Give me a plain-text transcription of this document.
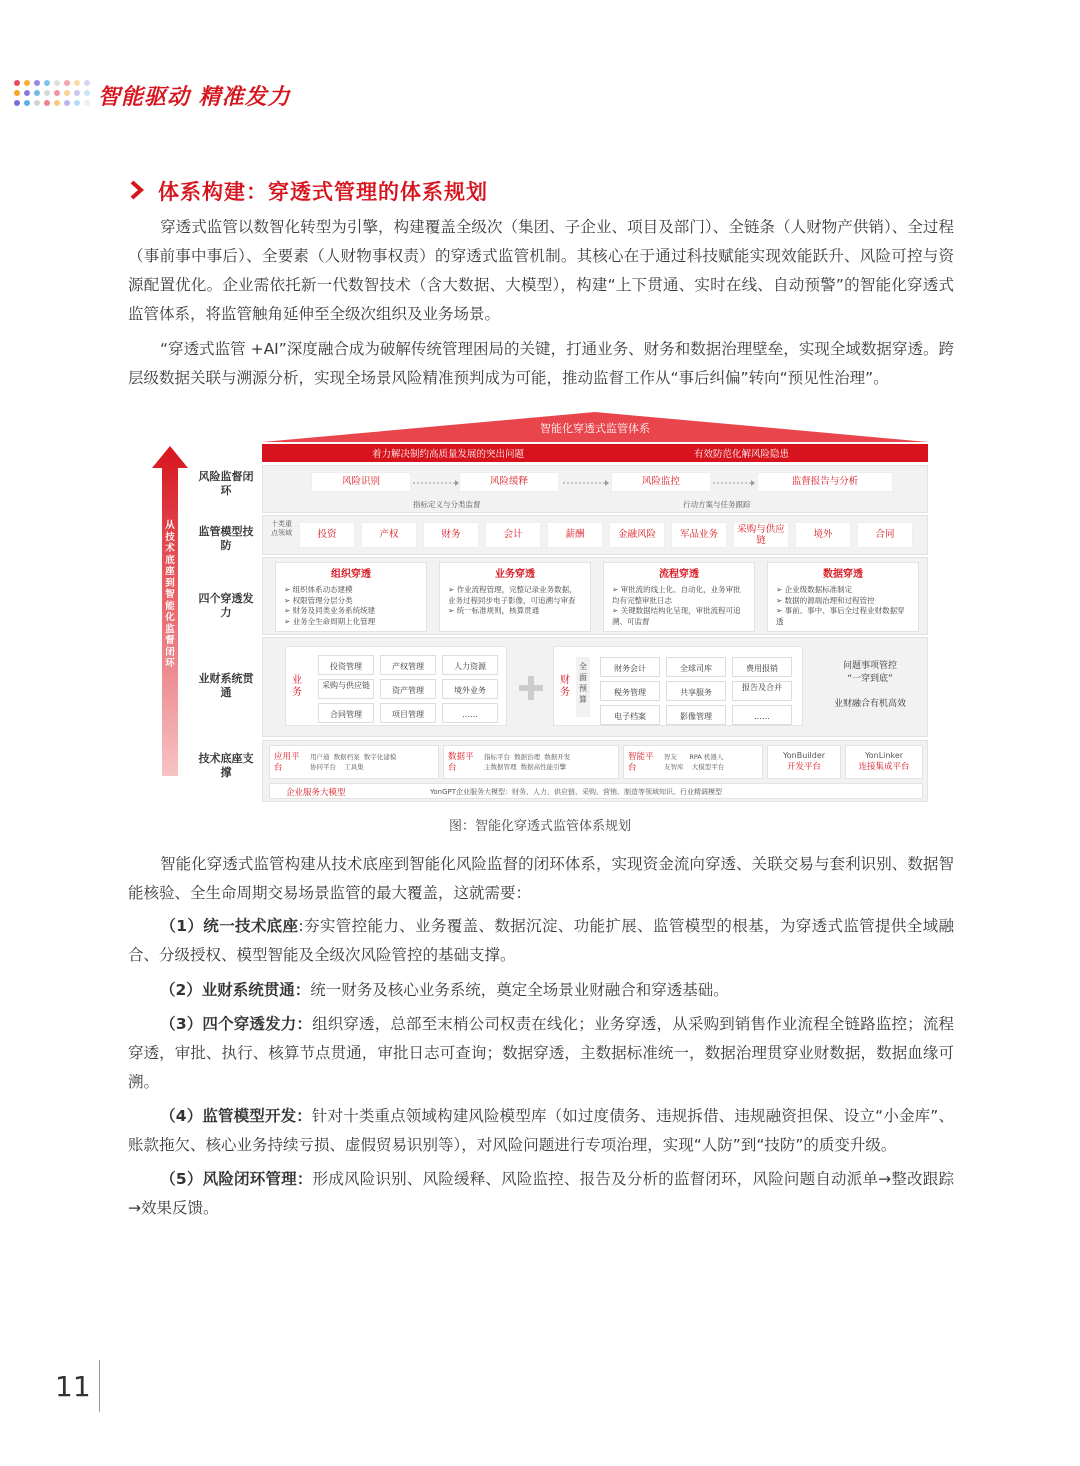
智能驱动 精准发力
体系构建：穿透式管理的体系规划
穿透式监管以数智化转型为引擎，构建覆盖全级次（集团、子企业、项目及部门）、全链条（人财物产供销）、全过程（事前事中事后）、全要素（人财物事权责）的穿透式监管机制。其核心在于通过科技赋能实现效能跃升、风险可控与资源配置优化。企业需依托新一代数智技术（含大数据、大模型），构建“上下贯通、实时在线、自动预警”的智能化穿透式监管体系，将监管触角延伸至全级次组织及业务场景。
“穿透式监管 +AI”深度融合成为破解传统管理困局的关键，打通业务、财务和数据治理壁垒，实现全域数据穿透。跨层级数据关联与溯源分析，实现全场景风险精准预判成为可能，推动监督工作从“事后纠偏”转向“预见性治理”。
智能化穿透式监管体系
着力解决制约高质量发展的突出问题	有效防范化解风险隐患
从技术底座到智能化监督闭环
风险监督闭环
监管模型技防
四个穿透发力
业财系统贯通
技术底座支撑
风险识别	风险缓释	风险监控	监督报告与分析
指标定义与分类监督	行动方案与任务跟踪
十类重点领域	投资	产权	财务	会计	薪酬	金融风险	军品业务	采购与供应链
境外	合同
组织穿透
➢ 组织体系动态建模
➢ 权限管理分层分类
➢ 财务及同类业务系统统建
➢ 业务全生命周期上化管理
业务穿透
➢ 作业流程管理，完整记录业务数据，业务过程同步电子影像，可追溯与审查
➢ 统一标准规则，核算贯通
流程穿透
➢ 审批流的线上化、自动化，业务审批均有完整审批日志
➢ 关键数据结构化呈现，审批流程可追溯、可监督
数据穿透
➢ 企业级数据标准制定
➢ 数据的源端治理和过程管控
➢ 事前、事中、事后全过程业财数据穿透
业务
投资管理	产权管理	人力资源
采购与供应链
资产管理	境外业务
合同管理	项目管理	……
财务
全面预算
财务会计	全球司库	费用报销
税务管理	共享服务
报告及合并
电子档案	影像管理	……
问题事项管控
“一穿到底”
业财融合有机高效
应用平台
用户通  数据档案  数字化建模
协同平台    工具集
数据平台
指标平台  数据治理  数据开发
主数据管理  数据高性能引擎
智能平台
智友      RPA 机器人
友智库    大模型平台
YonBuilder
开发平台
YonLinker
连接集成平台
企业服务大模型	YonGPT企业服务大模型：财务、人力、供应链、采购、营销、制造等领域知识、行业精调模型
图：智能化穿透式监管体系规划
智能化穿透式监管构建从技术底座到智能化风险监督的闭环体系，实现资金流向穿透、关联交易与套利识别、数据智能核验、全生命周期交易场景监管的最大覆盖，这就需要：
（1）统一技术底座:夯实管控能力、业务覆盖、数据沉淀、功能扩展、监管模型的根基，为穿透式监管提供全域融合、分级授权、模型智能及全级次风险管控的基础支撑。
（2）业财系统贯通：统一财务及核心业务系统，奠定全场景业财融合和穿透基础。
（3）四个穿透发力：组织穿透，总部至末梢公司权责在线化；业务穿透，从采购到销售作业流程全链路监控；流程穿透，审批、执行、核算节点贯通，审批日志可查询；数据穿透，主数据标准统一，数据治理贯穿业财数据，数据血缘可溯。
（4）监管模型开发：针对十类重点领域构建风险模型库（如过度债务、违规拆借、违规融资担保、设立“小金库”、账款拖欠、核心业务持续亏损、虚假贸易识别等），对风险问题进行专项治理，实现“人防”到“技防”的质变升级。
（5）风险闭环管理：形成风险识别、风险缓释、风险监控、报告及分析的监督闭环，风险问题自动派单→整改跟踪→效果反馈。
11
